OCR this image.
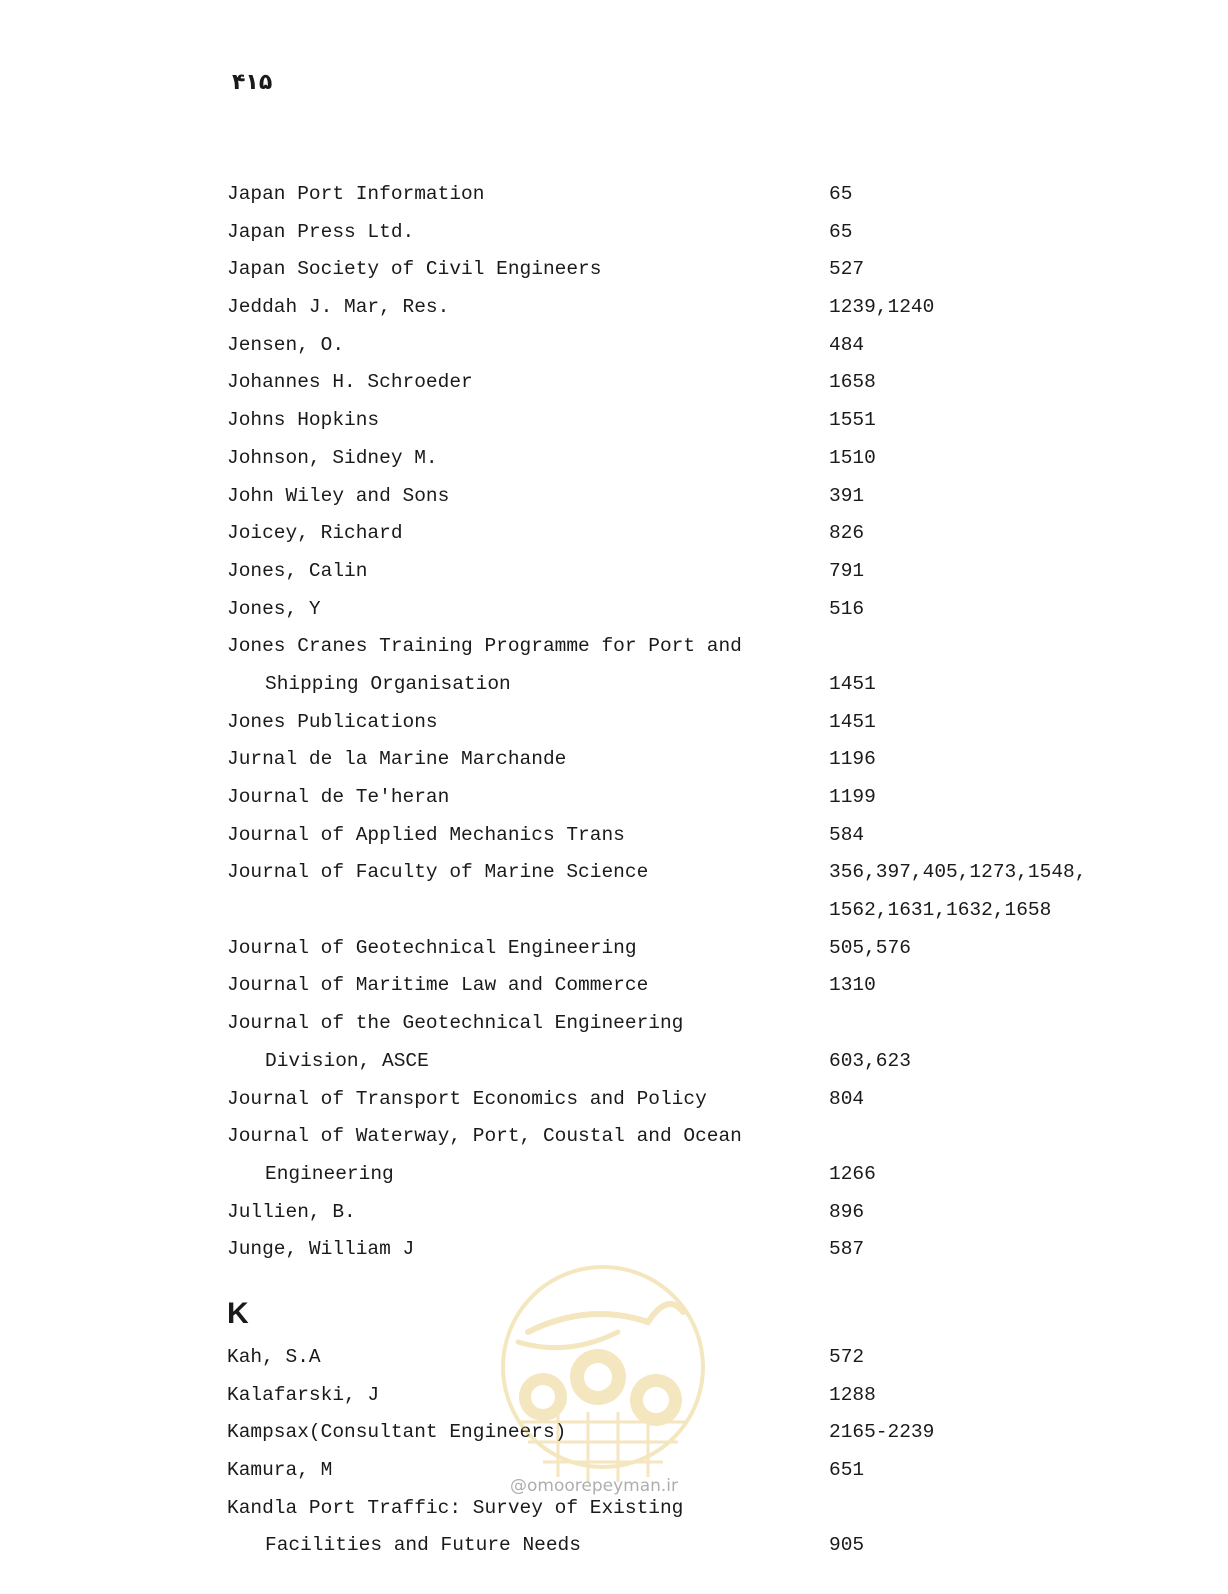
۴۱۵
Japan Port Information	65
Japan Press Ltd.	65
Japan Society of Civil Engineers	527
Jeddah J. Mar, Res.	1239,1240
Jensen, O.	484
Johannes H. Schroeder	1658
Johns Hopkins	1551
Johnson, Sidney M.	1510
John Wiley and Sons	391
Joicey, Richard	826
Jones, Calin	791
Jones, Y	516
Jones Cranes Training Programme for Port and
Shipping Organisation	1451
Jones Publications	1451
Jurnal de la Marine Marchande	1196
Journal de Te'heran	1199
Journal of Applied Mechanics Trans	584
Journal of Faculty of Marine Science	356,397,405,1273,1548,
1562,1631,1632,1658
Journal of Geotechnical Engineering	505,576
Journal of Maritime Law and Commerce	1310
Journal of the Geotechnical Engineering
Division, ASCE	603,623
Journal of Transport Economics and Policy	804
Journal of Waterway, Port, Coustal and Ocean
Engineering	1266
Jullien, B.	896
Junge, William J	587
K
Kah, S.A	572
Kalafarski, J	1288
Kampsax(Consultant Engineers)	2165-2239
Kamura, M	651
Kandla Port Traffic: Survey of Existing
Facilities and Future Needs	905
@omoorepeyman.ir
